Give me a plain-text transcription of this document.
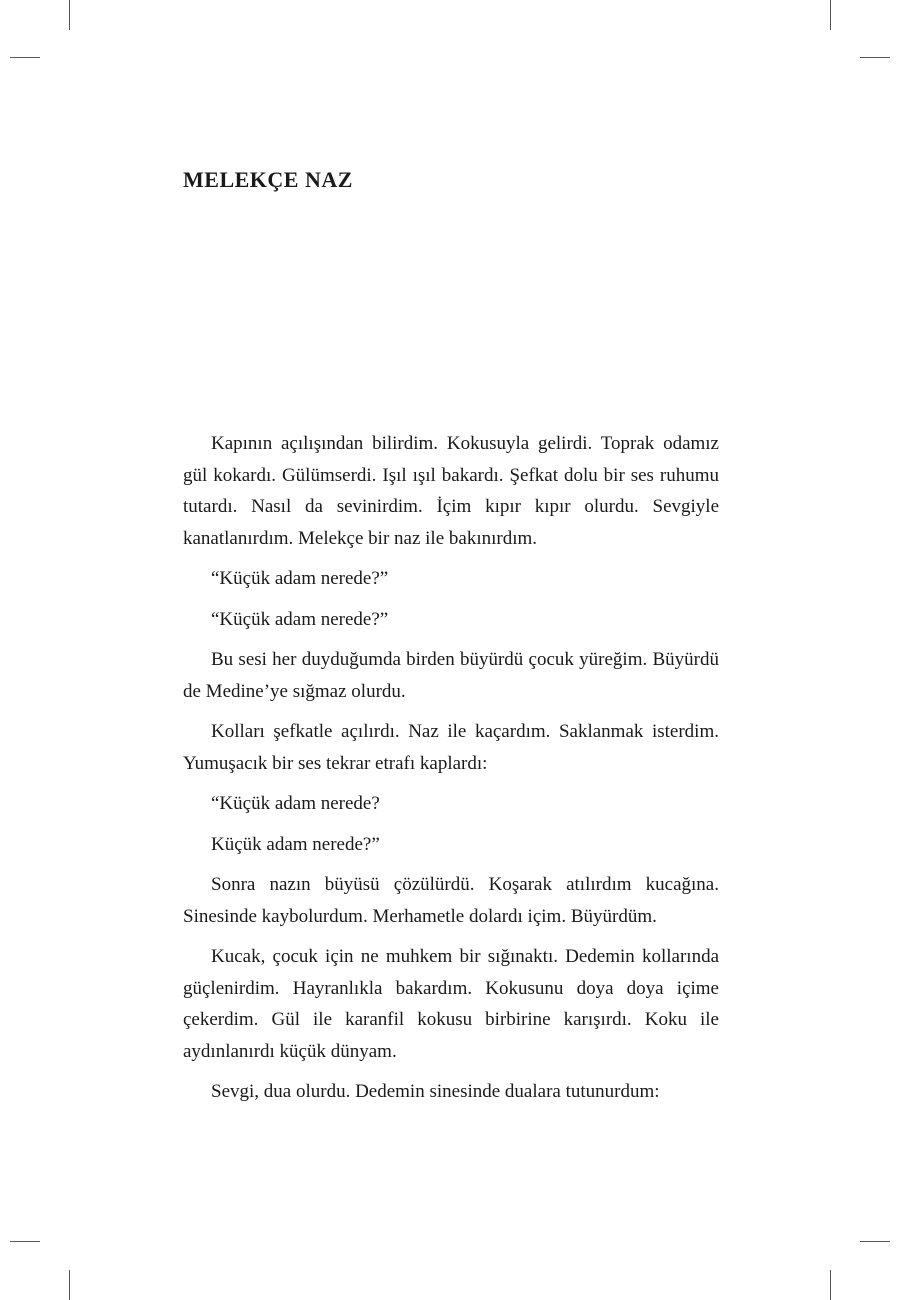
MELEKÇE NAZ

Kapının açılışından bilirdim. Kokusuyla gelirdi. Toprak odamız gül kokardı. Gülümserdi. Işıl ışıl bakardı. Şefkat dolu bir ses ruhumu tutardı. Nasıl da sevinirdim. İçim kıpır kıpır olurdu. Sevgiyle kanatlanırdım. Melekçe bir naz ile bakınırdım.

“Küçük adam nerede?”

“Küçük adam nerede?”

Bu sesi her duyduğumda birden büyürdü çocuk yüreğim. Büyürdü de Medine’ye sığmaz olurdu.

Kolları şefkatle açılırdı. Naz ile kaçardım. Saklanmak isterdim. Yumuşacık bir ses tekrar etrafı kaplardı:

“Küçük adam nerede?

Küçük adam nerede?”

Sonra nazın büyüsü çözülürdü. Koşarak atılırdım kucağına. Sinesinde kaybolurdum. Merhametle dolardı içim. Büyürdüm.

Kucak, çocuk için ne muhkem bir sığınaktı. Dedemin kollarında güçlenirdim. Hayranlıkla bakardım. Kokusunu doya doya içime çekerdim. Gül ile karanfil kokusu birbirine karışırdı. Koku ile aydınlanırdı küçük dünyam.

Sevgi, dua olurdu. Dedemin sinesinde dualara tutunurdum:
